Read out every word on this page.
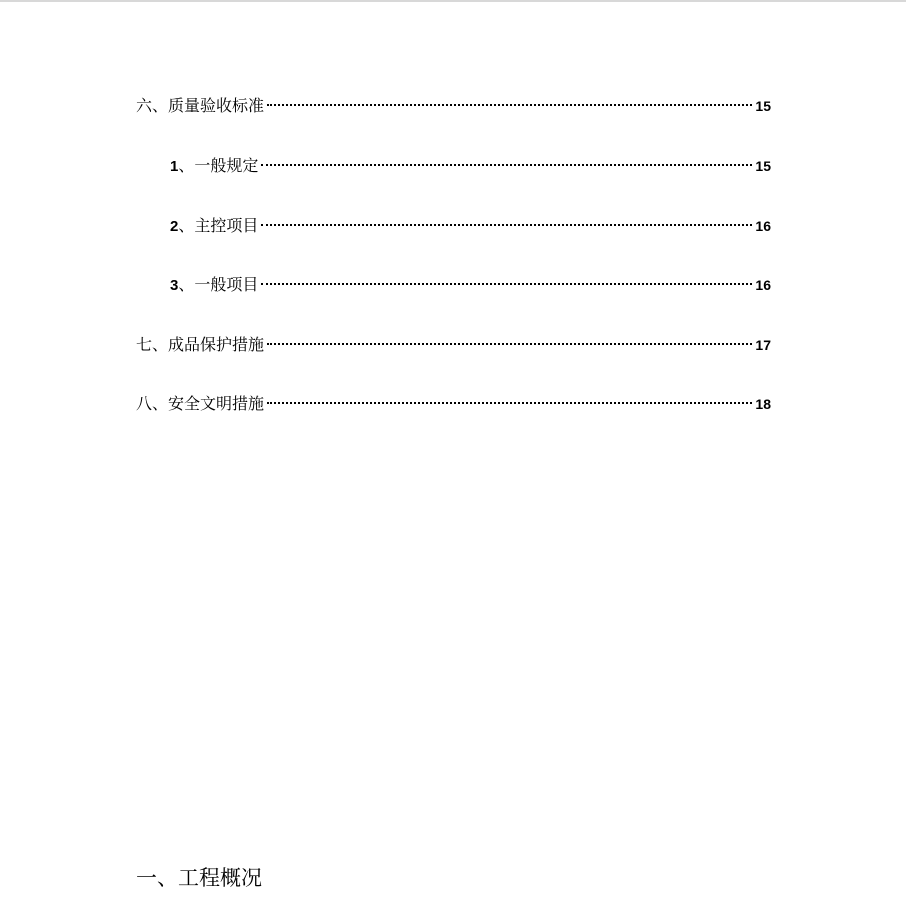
六、质量验收标准	15
1 、一般规定	15
2 、主控项目	16
3 、一般项目	16
七、成品保护措施	17
八、安全文明措施	18
一、工程概况
